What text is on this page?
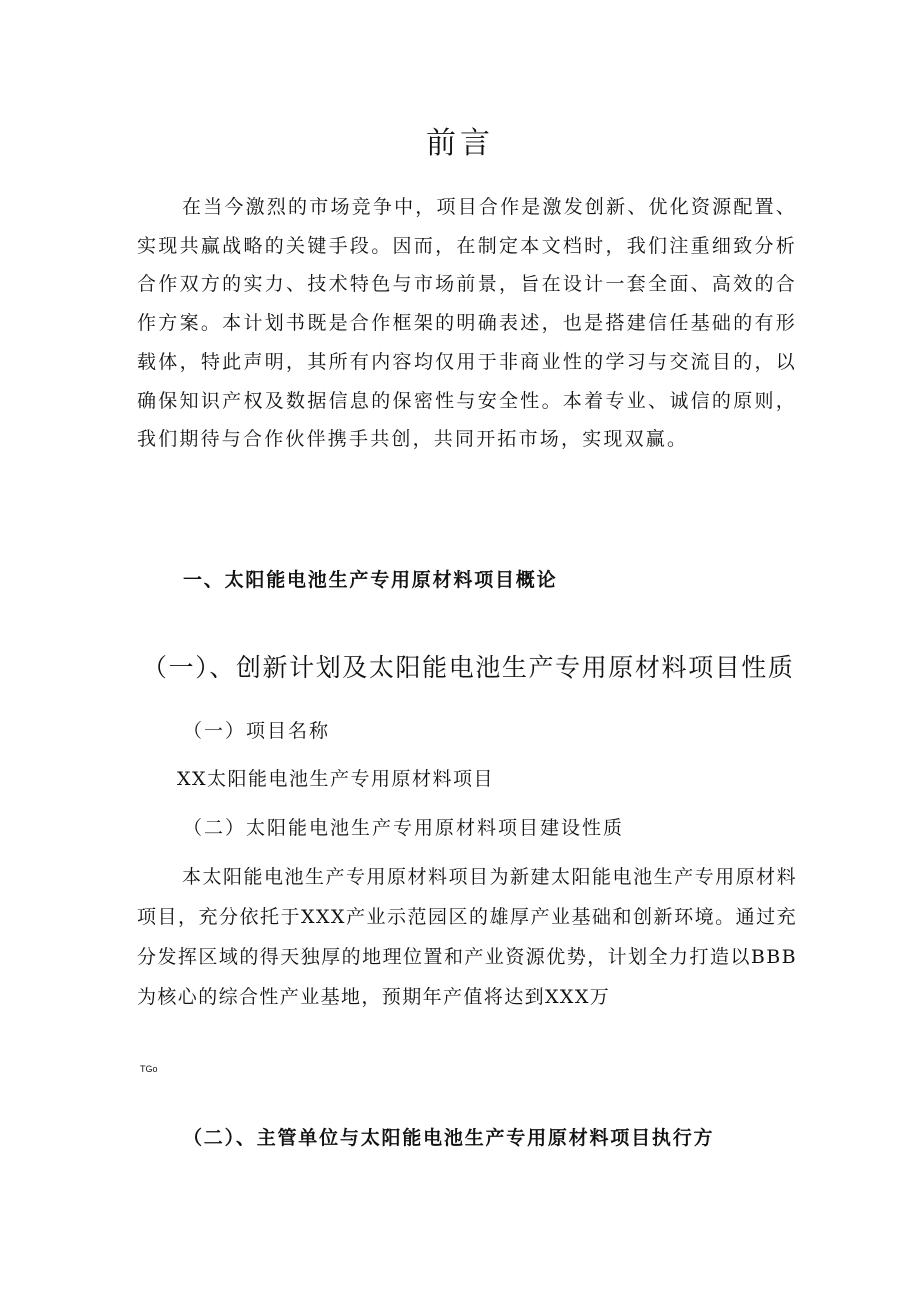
前言

在当今激烈的市场竞争中，项目合作是激发创新、优化资源配置、实现共赢战略的关键手段。因而，在制定本文档时，我们注重细致分析合作双方的实力、技术特色与市场前景，旨在设计一套全面、高效的合作方案。本计划书既是合作框架的明确表述，也是搭建信任基础的有形载体，特此声明，其所有内容均仅用于非商业性的学习与交流目的，以确保知识产权及数据信息的保密性与安全性。本着专业、诚信的原则，我们期待与合作伙伴携手共创，共同开拓市场，实现双赢。

一、太阳能电池生产专用原材料项目概论
（一）、创新计划及太阳能电池生产专用原材料项目性质

（一）项目名称

XX太阳能电池生产专用原材料项目

（二）太阳能电池生产专用原材料项目建设性质

本太阳能电池生产专用原材料项目为新建太阳能电池生产专用原材料项目，充分依托于XXX产业示范园区的雄厚产业基础和创新环境。通过充分发挥区域的得天独厚的地理位置和产业资源优势，计划全力打造以BBB为核心的综合性产业基地，预期年产值将达到XXX万

TGo

（二）、主管单位与太阳能电池生产专用原材料项目执行方
